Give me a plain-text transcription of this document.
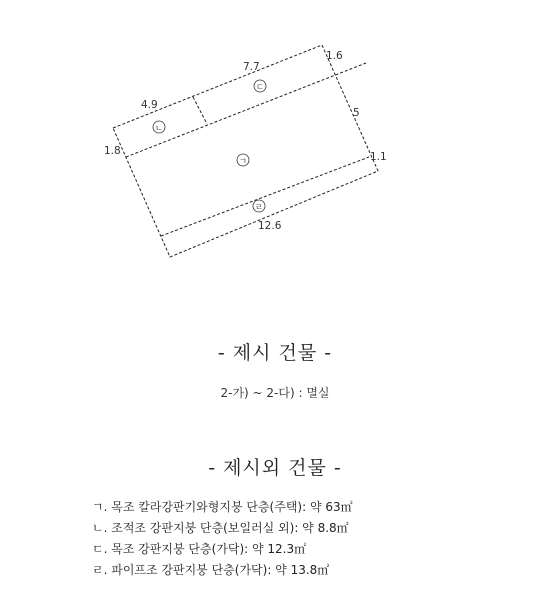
4.9
7.7
1.6
1.8
5
1.1
12.6
ㄴ
ㄷ
ㄱ
ㄹ
- 제시 건물 -
2-가) ~ 2-다) : 멸실
- 제시외 건물 -
ㄱ. 목조 칼라강판기와형지붕 단층(주택): 약 63㎡
ㄴ. 조적조 강판지붕 단층(보일러실 외): 약 8.8㎡
ㄷ. 목조 강판지붕 단층(가닥): 약 12.3㎡
ㄹ. 파이프조 강판지붕 단층(가닥): 약 13.8㎡
